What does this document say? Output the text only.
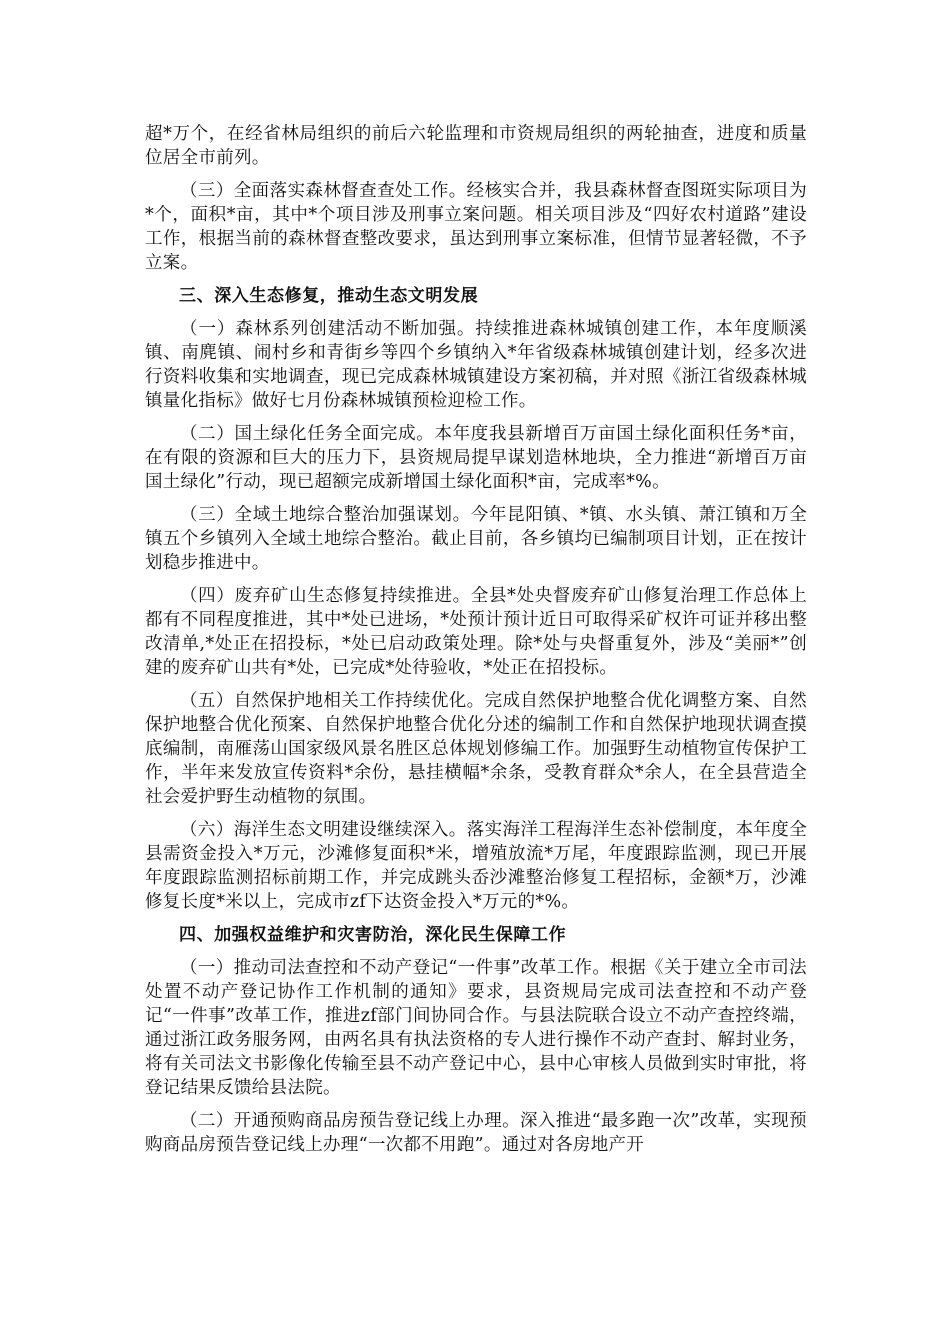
超*万个，在经省林局组织的前后六轮监理和市资规局组织的两轮抽查，进度和质量位居全市前列。

（三）全面落实森林督查查处工作。经核实合并，我县森林督查图斑实际项目为*个，面积*亩，其中*个项目涉及刑事立案问题。相关项目涉及“四好农村道路”建设工作，根据当前的森林督查整改要求，虽达到刑事立案标准，但情节显著轻微，不予立案。

三、深入生态修复，推动生态文明发展

（一）森林系列创建活动不断加强。持续推进森林城镇创建工作，本年度顺溪镇、南麂镇、闹村乡和青街乡等四个乡镇纳入*年省级森林城镇创建计划，经多次进行资料收集和实地调查，现已完成森林城镇建设方案初稿，并对照《浙江省级森林城镇量化指标》做好七月份森林城镇预检迎检工作。

（二）国土绿化任务全面完成。本年度我县新增百万亩国土绿化面积任务*亩，在有限的资源和巨大的压力下，县资规局提早谋划造林地块，全力推进“新增百万亩国土绿化”行动，现已超额完成新增国土绿化面积*亩，完成率*%。

（三）全域土地综合整治加强谋划。今年昆阳镇、*镇、水头镇、萧江镇和万全镇五个乡镇列入全域土地综合整治。截止目前，各乡镇均已编制项目计划，正在按计划稳步推进中。

（四）废弃矿山生态修复持续推进。全县*处央督废弃矿山修复治理工作总体上都有不同程度推进，其中*处已进场，*处预计预计近日可取得采矿权许可证并移出整改清单,*处正在招投标，*处已启动政策处理。除*处与央督重复外，涉及“美丽*”创建的废弃矿山共有*处，已完成*处待验收，*处正在招投标。

（五）自然保护地相关工作持续优化。完成自然保护地整合优化调整方案、自然保护地整合优化预案、自然保护地整合优化分述的编制工作和自然保护地现状调查摸底编制，南雁荡山国家级风景名胜区总体规划修编工作。加强野生动植物宣传保护工作，半年来发放宣传资料*余份，悬挂横幅*余条，受教育群众*余人，在全县营造全社会爱护野生动植物的氛围。

（六）海洋生态文明建设继续深入。落实海洋工程海洋生态补偿制度，本年度全县需资金投入*万元，沙滩修复面积*米，增殖放流*万尾，年度跟踪监测，现已开展年度跟踪监测招标前期工作，并完成跳头岙沙滩整治修复工程招标，金额*万，沙滩修复长度*米以上，完成市zf下达资金投入*万元的*%。

四、加强权益维护和灾害防治，深化民生保障工作

（一）推动司法查控和不动产登记“一件事”改革工作。根据《关于建立全市司法处置不动产登记协作工作机制的通知》要求，县资规局完成司法查控和不动产登记“一件事”改革工作，推进zf部门间协同合作。与县法院联合设立不动产查控终端，通过浙江政务服务网，由两名具有执法资格的专人进行操作不动产查封、解封业务，将有关司法文书影像化传输至县不动产登记中心，县中心审核人员做到实时审批，将登记结果反馈给县法院。

（二）开通预购商品房预告登记线上办理。深入推进“最多跑一次”改革，实现预购商品房预告登记线上办理“一次都不用跑”。通过对各房地产开
